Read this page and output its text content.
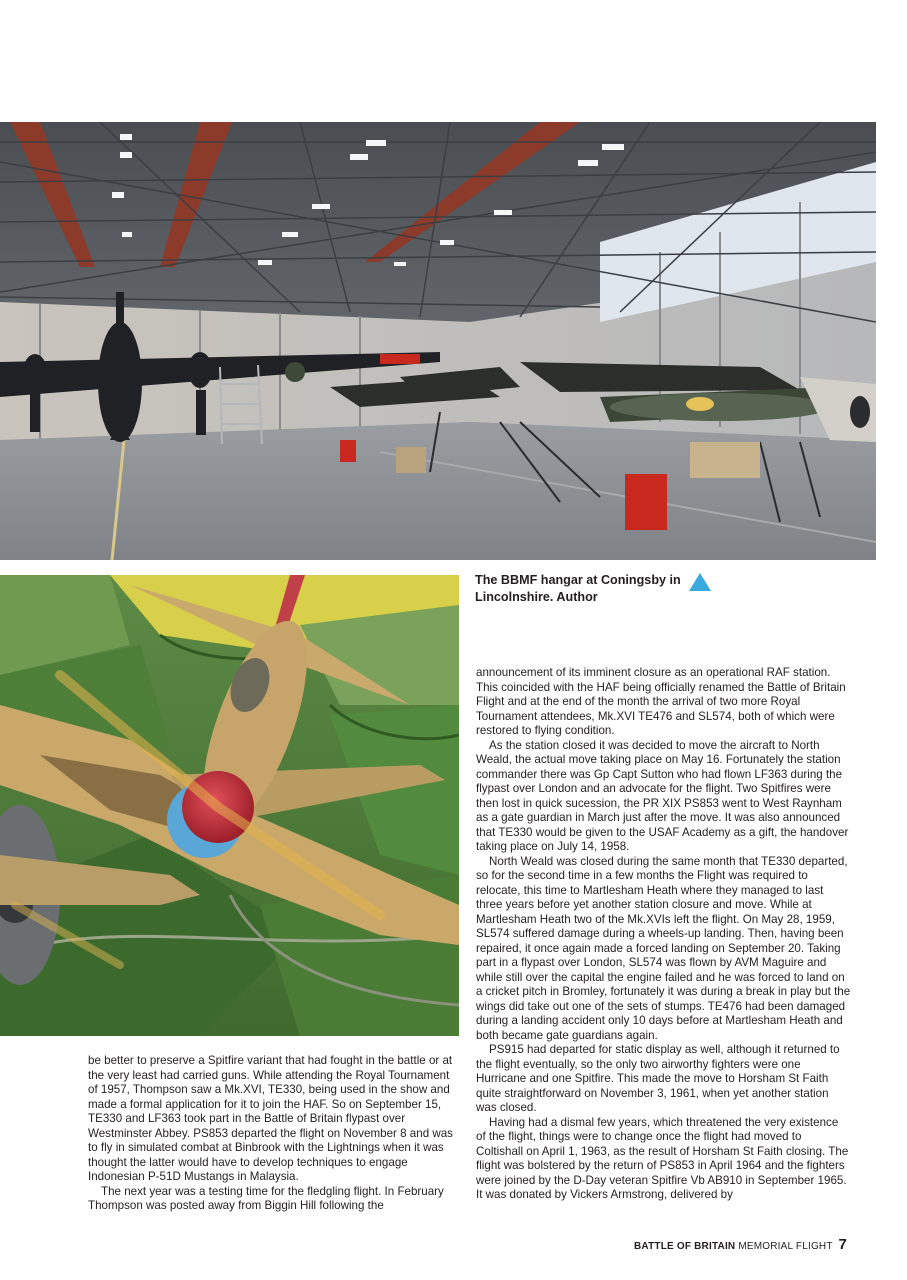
The BBMF hangar at Coningsby in Lincolnshire. Author

announcement of its imminent closure as an operational RAF station. This coincided with the HAF being officially renamed the Battle of Britain Flight and at the end of the month the arrival of two more Royal Tournament attendees, Mk.XVI TE476 and SL574, both of which were restored to flying condition.

As the station closed it was decided to move the aircraft to North Weald, the actual move taking place on May 16. Fortunately the station commander there was Gp Capt Sutton who had flown LF363 during the flypast over London and an advocate for the flight. Two Spitfires were then lost in quick sucession, the PR XIX PS853 went to West Raynham as a gate guardian in March just after the move. It was also announced that TE330 would be given to the USAF Academy as a gift, the handover taking place on July 14, 1958.

North Weald was closed during the same month that TE330 departed, so for the second time in a few months the Flight was required to relocate, this time to Martlesham Heath where they managed to last three years before yet another station closure and move. While at Martlesham Heath two of the Mk.XVIs left the flight. On May 28, 1959, SL574 suffered damage during a wheels-up landing. Then, having been repaired, it once again made a forced landing on September 20. Taking part in a flypast over London, SL574 was flown by AVM Maguire and while still over the capital the engine failed and he was forced to land on a cricket pitch in Bromley, fortunately it was during a break in play but the wings did take out one of the sets of stumps. TE476 had been damaged during a landing accident only 10 days before at Martlesham Heath and both became gate guardians again.

PS915 had departed for static display as well, although it returned to the flight eventually, so the only two airworthy fighters were one Hurricane and one Spitfire. This made the move to Horsham St Faith quite straightforward on November 3, 1961, when yet another station was closed.

Having had a dismal few years, which threatened the very existence of the flight, things were to change once the flight had moved to Coltishall on April 1, 1963, as the result of Horsham St Faith closing. The flight was bolstered by the return of PS853 in April 1964 and the fighters were joined by the D-Day veteran Spitfire Vb AB910 in September 1965. It was donated by Vickers Armstrong, delivered by

be better to preserve a Spitfire variant that had fought in the battle or at the very least had carried guns. While attending the Royal Tournament of 1957, Thompson saw a Mk.XVI, TE330, being used in the show and made a formal application for it to join the HAF. So on September 15, TE330 and LF363 took part in the Battle of Britain flypast over Westminster Abbey. PS853 departed the flight on November 8 and was to fly in simulated combat at Binbrook with the Lightnings when it was thought the latter would have to develop techniques to engage Indonesian P-51D Mustangs in Malaysia.

The next year was a testing time for the fledgling flight. In February Thompson was posted away from Biggin Hill following the

BATTLE OF BRITAIN MEMORIAL FLIGHT 7
